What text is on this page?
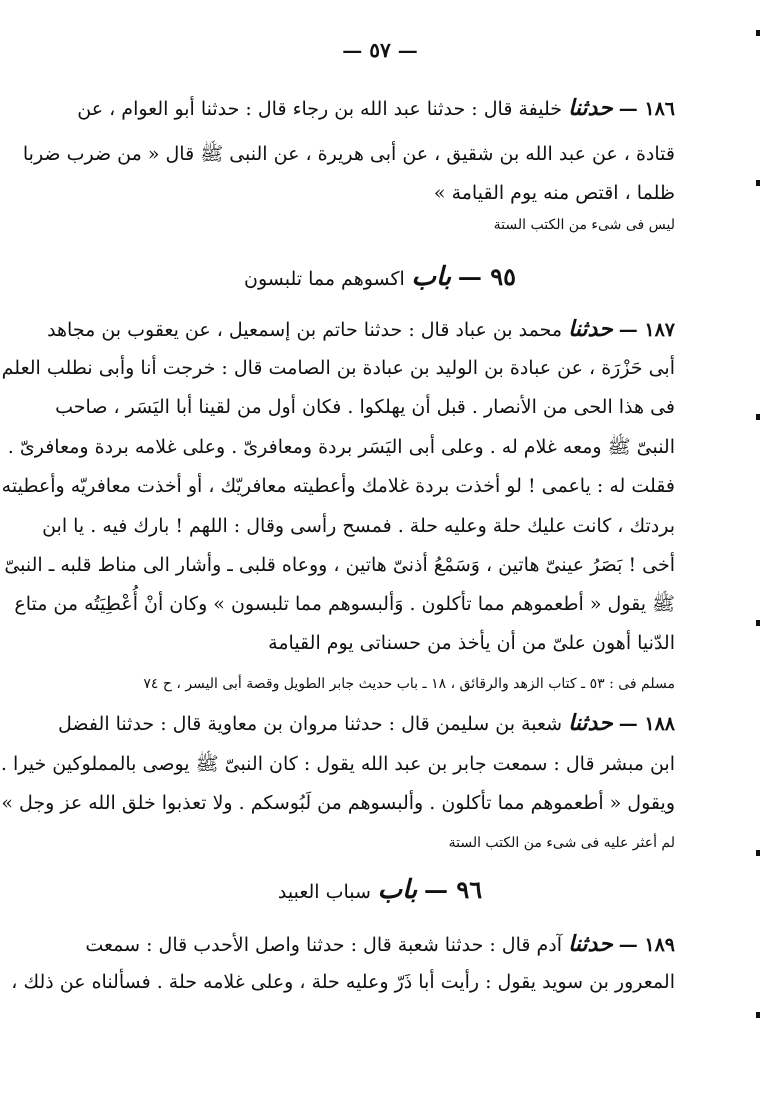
— ٥٧ —
١٨٦ — حدثنا خليفة قال : حدثنا عبد الله بن رجاء قال : حدثنا أبو العوام ، عن
قتادة ، عن عبد الله بن شقيق ، عن أبى هريرة ، عن النبى ﷺ قال « من ضرب ضربا
ظلما ، اقتص منه يوم القيامة »
ليس فى شىء من الكتب الستة
٩٥ — باب اكسوهم مما تلبسون
١٨٧ — حدثنا محمد بن عباد قال : حدثنا حاتم بن إسمعيل ، عن يعقوب بن مجاهد
أبى حَزْرَة ، عن عبادة بن الوليد بن عبادة بن الصامت قال : خرجت أنا وأبى نطلب العلم
فى هذا الحى من الأنصار . قبل أن يهلكوا . فكان أول من لقينا أبا اليَسَر ، صاحب
النبىّ ﷺ ومعه غلام له . وعلى أبى اليَسَر بردة ومعافرىّ . وعلى غلامه بردة ومعافرىّ .
فقلت له : ياعمى ! لو أخذت بردة غلامك وأعطيته معافريّك ، أو أخذت معافريّه وأعطيته
بردتك ، كانت عليك حلة وعليه حلة . فمسح رأسى وقال : اللهم ! بارك فيه . يا ابن
أخى ! بَصَرُ عينىّ هاتين ، وَسَمْعُ أذنىّ هاتين ، ووعاه قلبى ـ وأشار الى مناط قلبه ـ النبىّ
ﷺ يقول « أطعموهم مما تأكلون . وَألبسوهم مما تلبسون » وكان أنْ أُعْطِيَتُه من متاع
الدّنيا أهون علىّ من أن يأخذ من حسناتى يوم القيامة
مسلم فى : ٥٣ ـ كتاب الزهد والرقائق ، ١٨ ـ باب حديث جابر الطويل وقصة أبى اليسر ، ح ٧٤
١٨٨ — حدثنا شعبة بن سليمن قال : حدثنا مروان بن معاوية قال : حدثنا الفضل
ابن مبشر قال : سمعت جابر بن عبد الله يقول : كان النبىّ ﷺ يوصى بالمملوكين خيرا .
ويقول « أطعموهم مما تأكلون . وألبسوهم من لَبُوسكم . ولا تعذبوا خلق الله عز وجل »
لم أعثر عليه فى شىء من الكتب الستة
٩٦ — باب سباب العبيد
١٨٩ — حدثنا آدم قال : حدثنا شعبة قال : حدثنا واصل الأحدب قال : سمعت
المعرور بن سويد يقول : رأيت أبا ذَرّ وعليه حلة ، وعلى غلامه حلة . فسألناه عن ذلك ،
